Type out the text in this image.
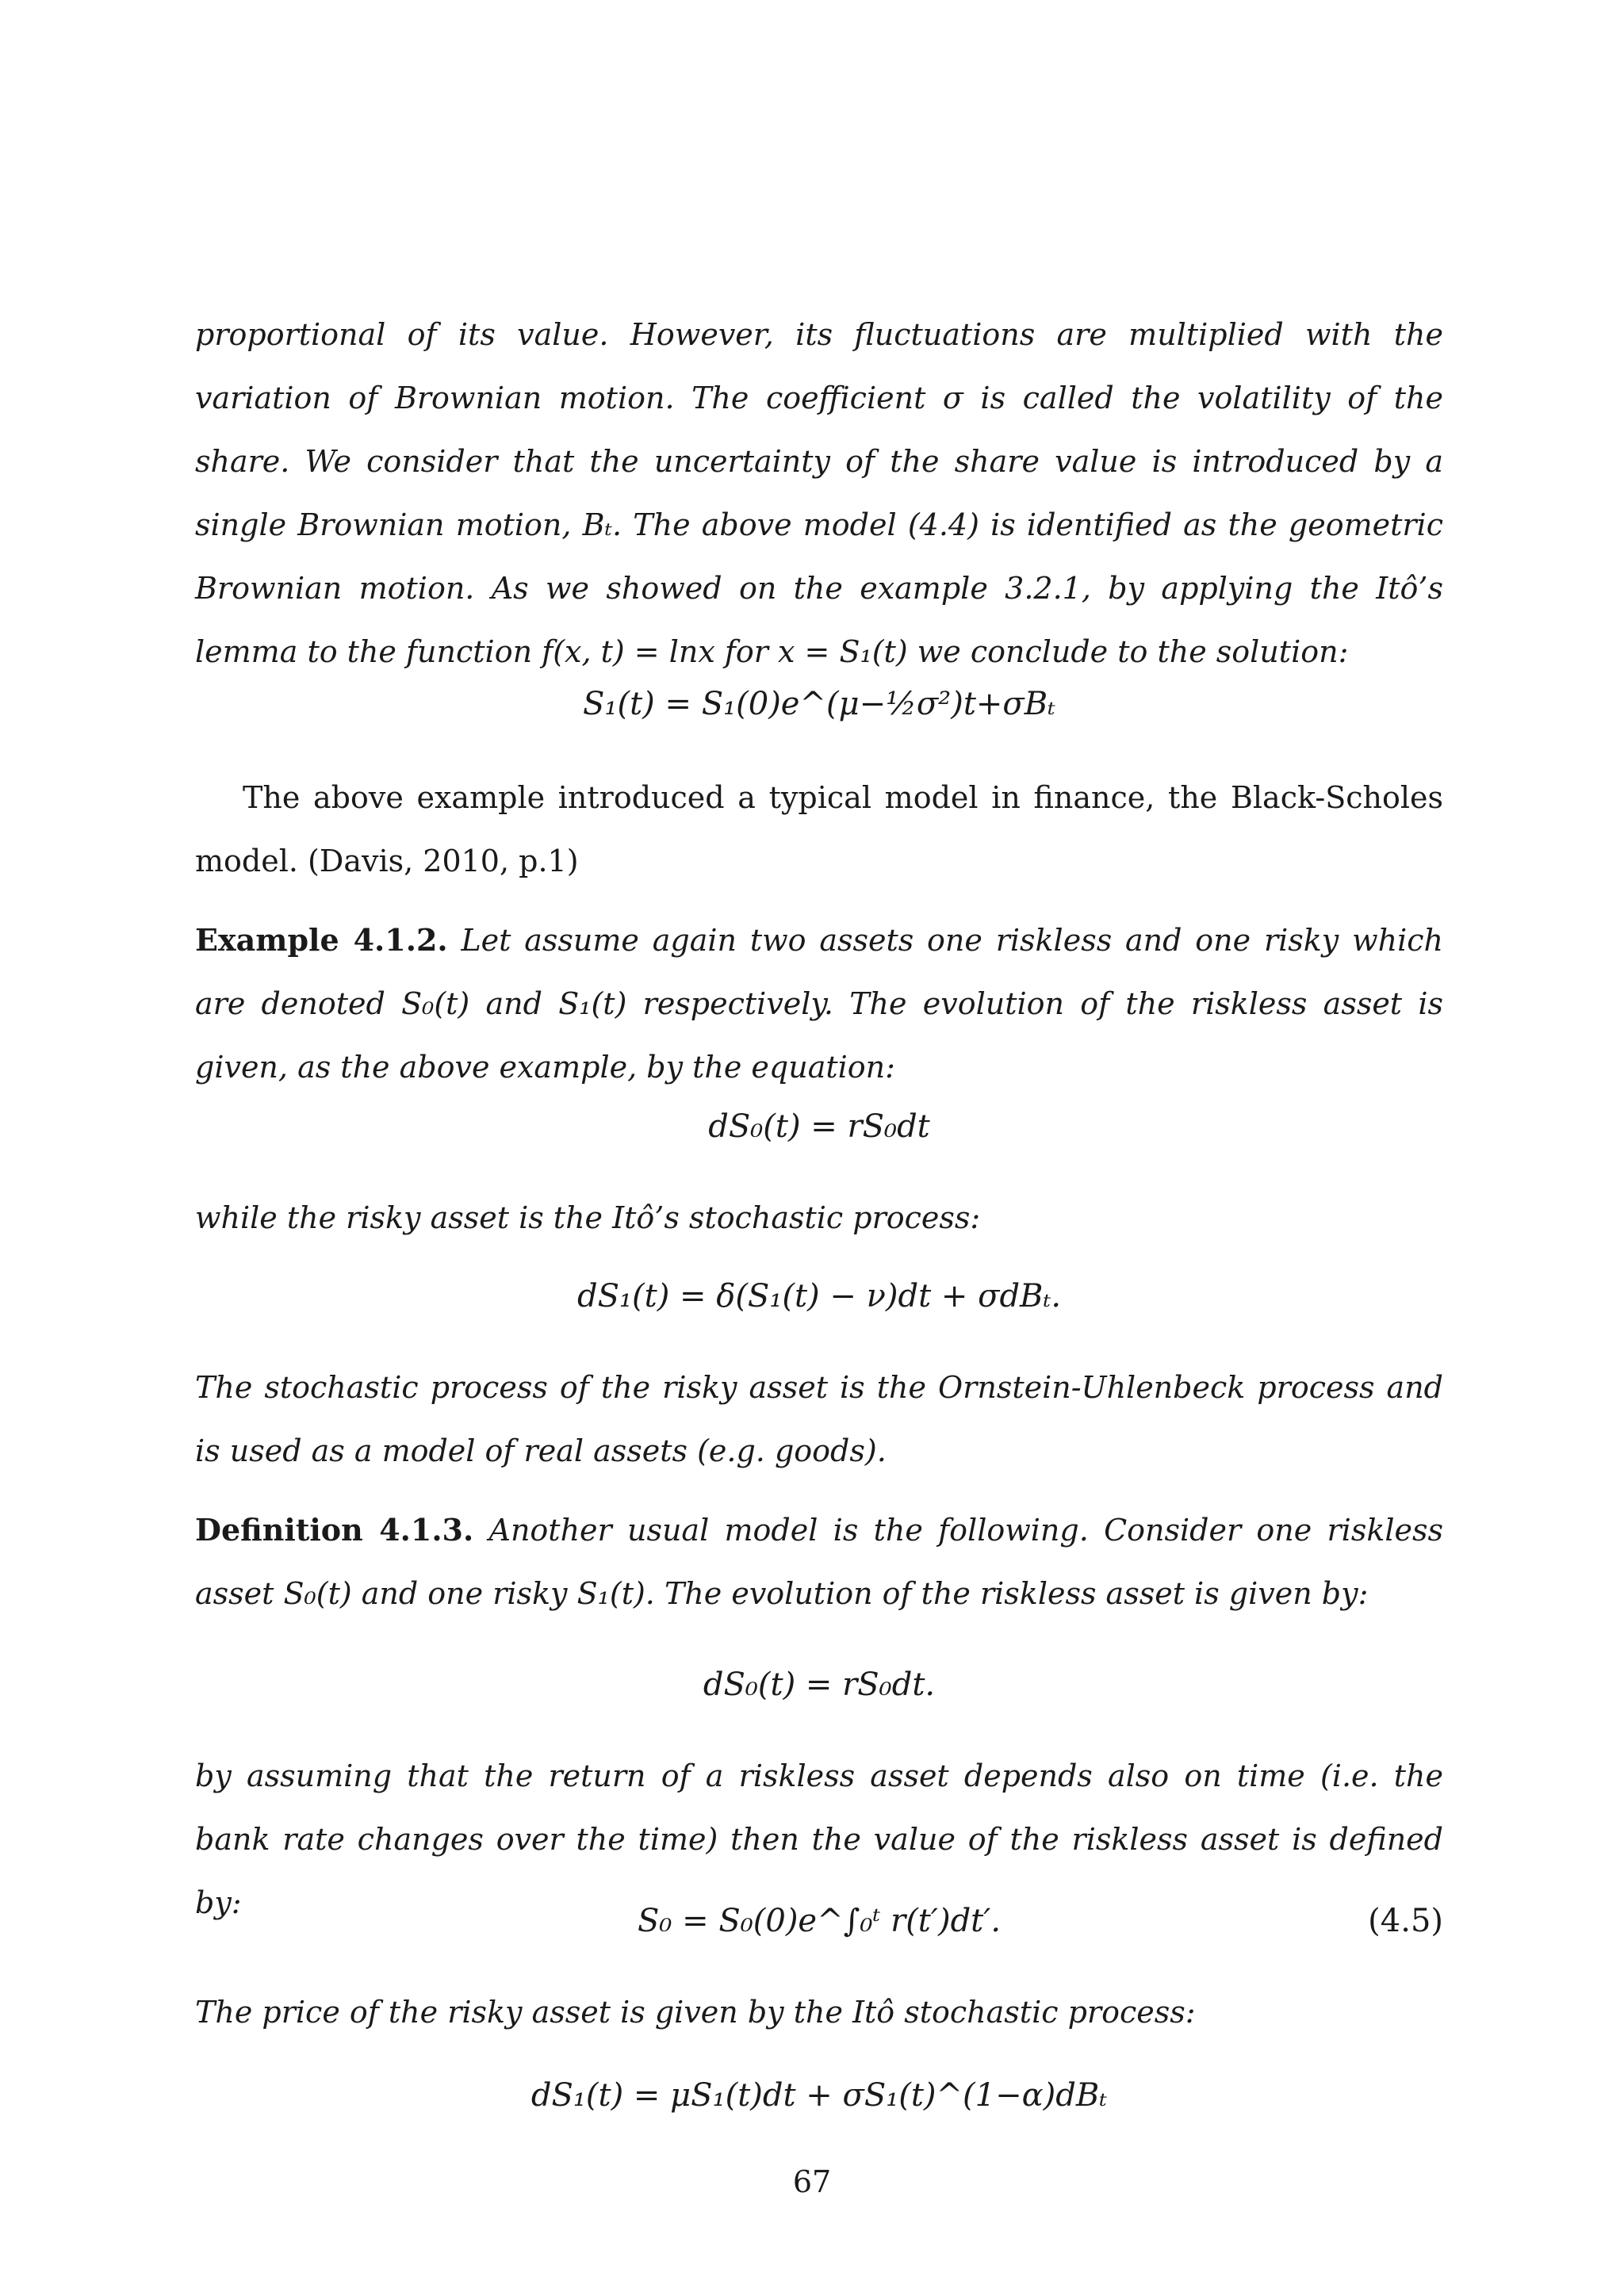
proportional of its value. However, its fluctuations are multiplied with the variation of Brownian motion. The coefficient σ is called the volatility of the share. We consider that the uncertainty of the share value is introduced by a single Brownian motion, Bₜ. The above model (4.4) is identified as the geometric Brownian motion. As we showed on the example 3.2.1, by applying the Itô’s lemma to the function f(x, t) = lnx for x = S₁(t) we conclude to the solution:

S₁(t) = S₁(0)e^(μ−½σ²)t+σBₜ

The above example introduced a typical model in finance, the Black-Scholes model. (Davis, 2010, p.1)

Example 4.1.2. Let assume again two assets one riskless and one risky which are denoted S₀(t) and S₁(t) respectively. The evolution of the riskless asset is given, as the above example, by the equation:

dS₀(t) = rS₀dt

while the risky asset is the Itô’s stochastic process:

dS₁(t) = δ(S₁(t) − ν)dt + σdBₜ.

The stochastic process of the risky asset is the Ornstein-Uhlenbeck process and is used as a model of real assets (e.g. goods).

Definition 4.1.3. Another usual model is the following. Consider one riskless asset S₀(t) and one risky S₁(t). The evolution of the riskless asset is given by:

dS₀(t) = rS₀dt.

by assuming that the return of a riskless asset depends also on time (i.e. the bank rate changes over the time) then the value of the riskless asset is defined by:	S₀ = S₀(0)e^∫₀ᵗ r(t′)dt′.	(4.5)

The price of the risky asset is given by the Itô stochastic process:

dS₁(t) = μS₁(t)dt + σS₁(t)^(1−α)dBₜ
67
